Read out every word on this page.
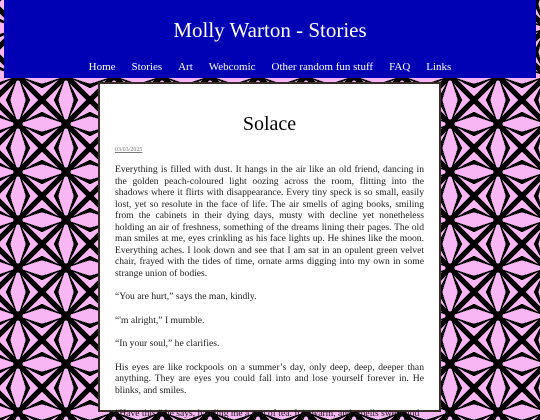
Molly Warton - Stories
Home Stories Art Webcomic Other random fun stuff FAQ Links
Solace
03/03/2025

Everything is filled with dust. It hangs in the air like an old friend, dancing in the golden peach-coloured light oozing across the room, flitting into the shadows where it flirts with disappearance. Every tiny speck is so small, easily lost, yet so resolute in the face of life. The air smells of aging books, smiling from the cabinets in their dying days, musty with decline yet nonetheless holding an air of freshness, something of the dreams lining their pages. The old man smiles at me, eyes crinkling as his face lights up. He shines like the moon. Everything aches. I look down and see that I am sat in an opulent green velvet chair, frayed with the tides of time, ornate arms digging into my own in some strange union of bodies.

“You are hurt,” says the man, kindly.

“'m alright,” I mumble.

“In your soul,” he clarifies.

His eyes are like rockpools on a summer’s day, only deep, deep, deeper than anything. They are eyes you could fall into and lose yourself forever in. He blinks, and smiles.

“Have this,” he says, handing me a cup of tea. It is warm, and smells sweet and
